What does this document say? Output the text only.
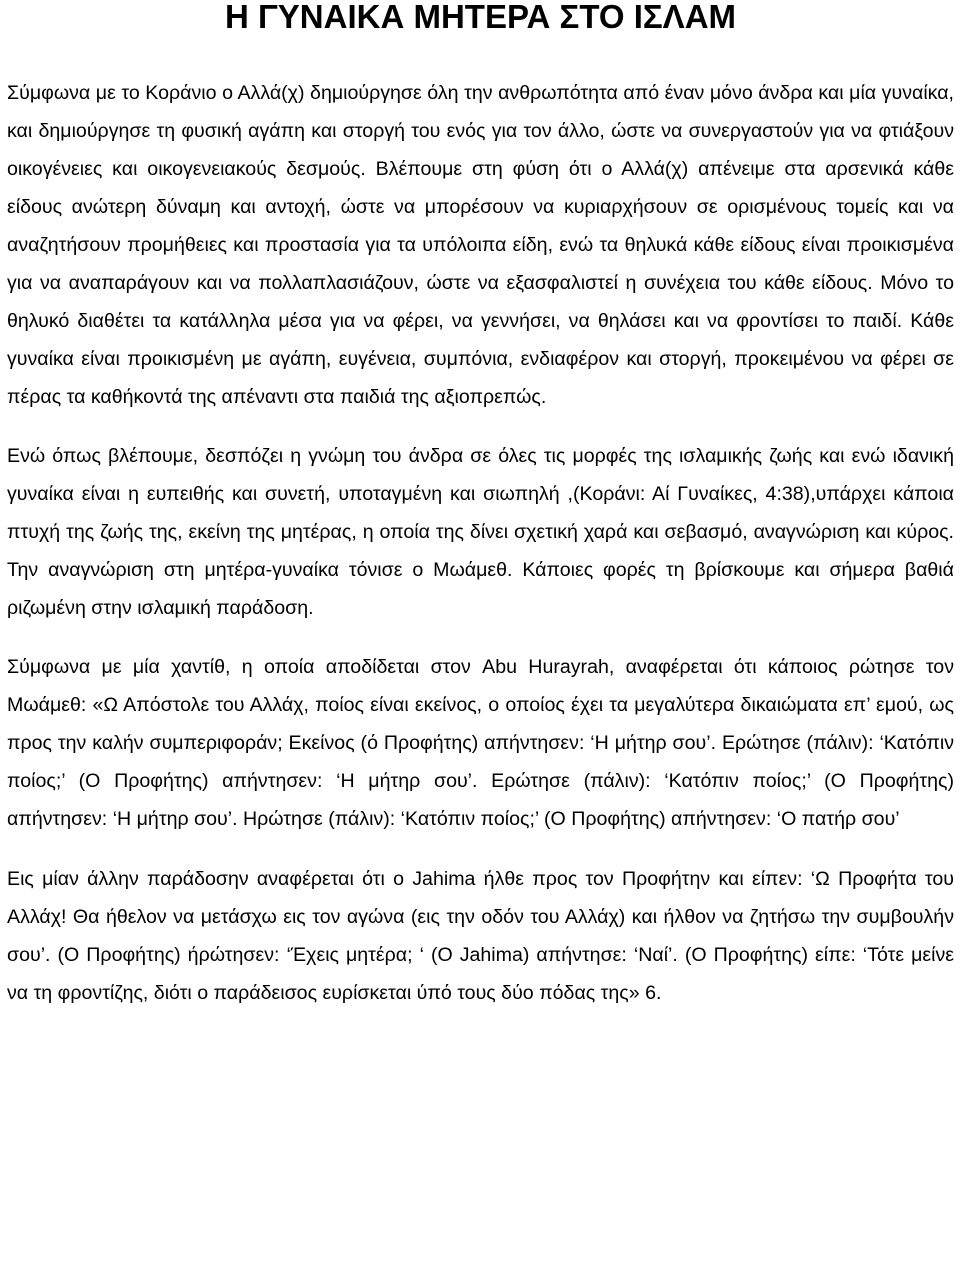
Η ΓΥΝΑΙΚΑ ΜΗΤΕΡΑ ΣΤΟ ΙΣΛΑΜ

Σύμφωνα με το Κοράνιο ο Αλλά(χ) δημιούργησε όλη την ανθρωπότητα από έναν μόνο άνδρα και μία γυναίκα, και δημιούργησε τη φυσική αγάπη και στοργή του ενός για τον άλλο, ώστε να συνεργαστούν για να φτιάξουν οικογένειες και οικογενειακούς δεσμούς. Βλέπουμε στη φύση ότι ο Αλλά(χ) απένειμε στα αρσενικά κάθε είδους ανώτερη δύναμη και αντοχή, ώστε να μπορέσουν να κυριαρχήσουν σε ορισμένους τομείς και να αναζητήσουν προμήθειες και προστασία για τα υπόλοιπα είδη, ενώ τα θηλυκά κάθε είδους είναι προικισμένα για να αναπαράγουν και να πολλαπλασιάζουν, ώστε να εξασφαλιστεί η συνέχεια του κάθε είδους. Μόνο το θηλυκό διαθέτει τα κατάλληλα μέσα για να φέρει, να γεννήσει, να θηλάσει και να φροντίσει το παιδί. Κάθε γυναίκα είναι προικισμένη με αγάπη, ευγένεια, συμπόνια, ενδιαφέρον και στοργή, προκειμένου να φέρει σε πέρας τα καθήκοντά της απέναντι στα παιδιά της αξιοπρεπώς.

Ενώ όπως βλέπουμε, δεσπόζει η γνώμη του άνδρα σε όλες τις μορφές της ισλαμικής ζωής και ενώ ιδανική γυναίκα είναι η ευπειθής και συνετή, υποταγμένη και σιωπηλή ,(Κοράνι: Αί Γυναίκες, 4:38),υπάρχει κάποια πτυχή της ζωής της, εκείνη της μητέρας, η οποία της δίνει σχετική χαρά και σεβασμό, αναγνώριση και κύρος. Την αναγνώριση στη μητέρα-γυναίκα τόνισε ο Μωάμεθ. Κάποιες φορές τη βρίσκουμε και σήμερα βαθιά ριζωμένη στην ισλαμική παράδοση.

Σύμφωνα με μία χαντίθ, η οποία αποδίδεται στον Abu Hurayrah, αναφέρεται ότι κάποιος ρώτησε τον Μωάμεθ: «Ω Απόστολε του Αλλάχ, ποίος είναι εκείνος, ο οποίος έχει τα μεγαλύτερα δικαιώματα επ’ εμού, ως προς την καλήν συμπεριφοράν; Εκείνος (ό Προφήτης) απήντησεν: ‘Η μήτηρ σου’. Ερώτησε (πάλιν): ‘Κατόπιν ποίος;’ (Ο Προφήτης) απήντησεν: ‘Η μήτηρ σου’. Ερώτησε (πάλιν): ‘Κατόπιν ποίος;’ (Ο Προφήτης) απήντησεν: ‘Η μήτηρ σου’. Ηρώτησε (πάλιν): ‘Κατόπιν ποίος;’ (Ο Προφήτης) απήντησεν: ‘Ο πατήρ σου’

Εις μίαν άλλην παράδοσην αναφέρεται ότι ο Jahima ήλθε προς τον Προφήτην και είπεν: ‘Ω Προφήτα του Αλλάχ! Θα ήθελον να μετάσχω εις τον αγώνα (εις την οδόν του Αλλάχ) και ήλθον να ζητήσω την συμβουλήν σου’. (Ο Προφήτης) ήρώτησεν: ‘Έχεις μητέρα; ‘ (Ο Jahima) απήντησε: ‘Ναί’. (Ο Προφήτης) είπε: ‘Τότε μείνε να τη φροντίζης, διότι ο παράδεισος ευρίσκεται ύπό τους δύο πόδας της» 6.
